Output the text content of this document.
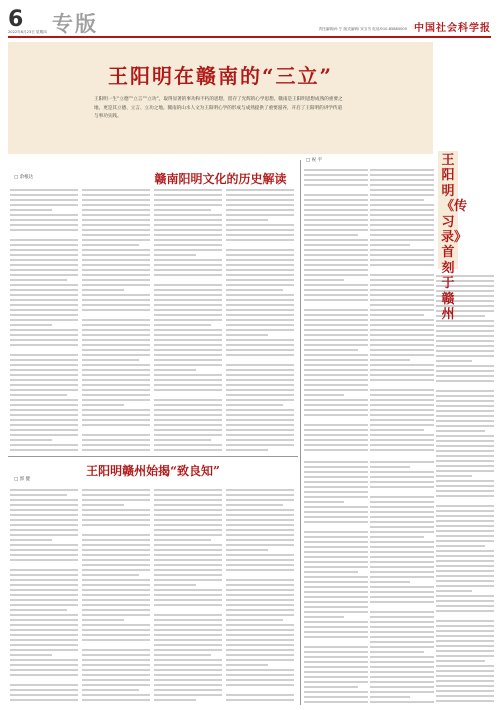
6
2022年6月23日 星期四 专版	责任编辑/孙 宁 版式编辑/ 宋玉书 电话/010-85885005 中国社会科学报
王阳明在赣南的“三立”
王阳明一生“立德”“立言”“立功”，取得显著的事功和不朽的思想，留存了光辉的心学思想。赣南是王阳明思想成熟的重要之地，更是其立德、立言、立功之地。赣南的山水人文为王阳明心学的形成与成熟提供了重要滋养，开启了王阳明的讲学传道与事功实践。
赣南阳明文化的历史解读
□ 余根达
□ 祝 平	王阳明《传习录》首刻于赣州
王阳明赣州始揭“致良知”
□ 郭 健
